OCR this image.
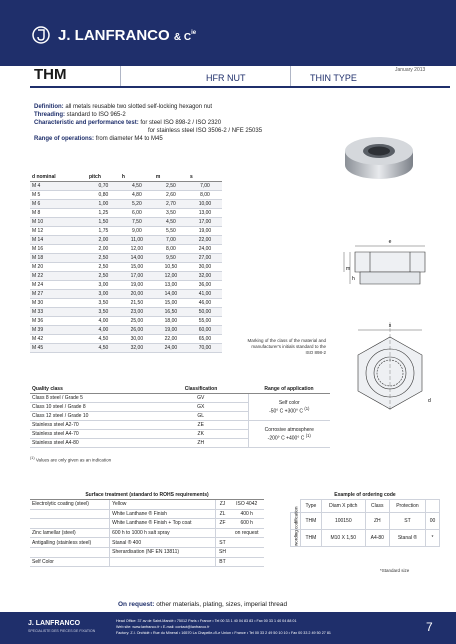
J. LANFRANCO & $C^{ie}$
THM	HFR NUT	THIN TYPE
January 2013
Definition: all metals reusable two slotted self-locking hexagon nut
Threading: standard to ISO 965-2
Characteristic and performance test: for steel ISO 898-2 / ISO 2320
for stainless steel ISO 3506-2 / NFE 25035
Range of operations: from diameter M4 to M45
d nominal	pitch	h	m	s
M 4	0,70	4,50	2,50	7,00
M 5	0,80	4,80	2,60	8,00
M 6	1,00	5,20	2,70	10,00
M 8	1,25	6,00	3,50	13,00
M 10	1,50	7,50	4,50	17,00
M 12	1,75	9,00	5,50	19,00
M 14	2,00	11,00	7,00	22,00
M 16	2,00	12,00	8,00	24,00
M 18	2,50	14,00	9,50	27,00
M 20	2,50	15,00	10,50	30,00
M 22	2,50	17,00	12,00	32,00
M 24	3,00	19,00	13,00	36,00
M 27	3,00	20,00	14,00	41,00
M 30	3,50	21,50	15,00	46,00
M 33	3,50	23,00	16,50	50,00
M 36	4,00	25,00	18,00	55,00
M 39	4,00	26,00	19,00	60,00
M 42	4,50	30,00	22,00	65,00
M 45	4,50	32,00	24,00	70,00
e
m
h
s
d
Marking of the class of the material and manufacturer's initials standard to the ISO 898-2
Quality class	Classification	Range of application
Class 8 steel / Grade 5	GV	Self color
-50° C +300° C $^{(1)}$
Class 10 steel / Grade 8	GX	
Class 12 steel / Grade 10	GL	
Stainless steel A2-70	ZE	Corrosive atmosphere
-200° C +400° C $^{(1)}$
Stainless steel A4-70	ZK	
Stainless steel A4-80	ZH	
$^{(1)}$ Values are only given as an indication
Surface treatment (standard to ROHS requirements)			
Electrolytic coating (steel)	Yellow	ZJ	ISO 4042
	White Lanthane ® Finish	ZL	400 h
	White Lanthane ® Finish + Top coat	ZF	600 h
Zinc lamellar (steel)	600 h to 1000 h salt spray		on request
Antigalling (stainless steel)	Stanal ® 400	ST	
	Sherardisation (NF EN 13811)	SH	
Self Color		BT	
Example of ordering code					
	Type	Diam X pitch	Class	Protection	
codification	THM	100150	ZH	ST	00
wording	THM	M10 X 1,50	A4-80	Stanal ®	*
*Standard size
On request: other materials, plating, sizes, imperial thread
J. LANFRANCO
SPECIALISTE DES PIECES DE FIXATION
Head Office: 37 av de Saint-Mandé • 75012 Paris • France • Tel 00 33 1 40 04 83 83 • Fax 00 33 1 40 04 88 01
Web site: www.lanfranco.fr • E-mail: contact@lanfranco.fr
Factory: Z.I. Orchidé • Rue du Mineral • 16570 La Chapelle-d'Le Union • France • Tel 00 33 2 49 50 10 10 • Fax 00 33 2 49 50 27 81	7
